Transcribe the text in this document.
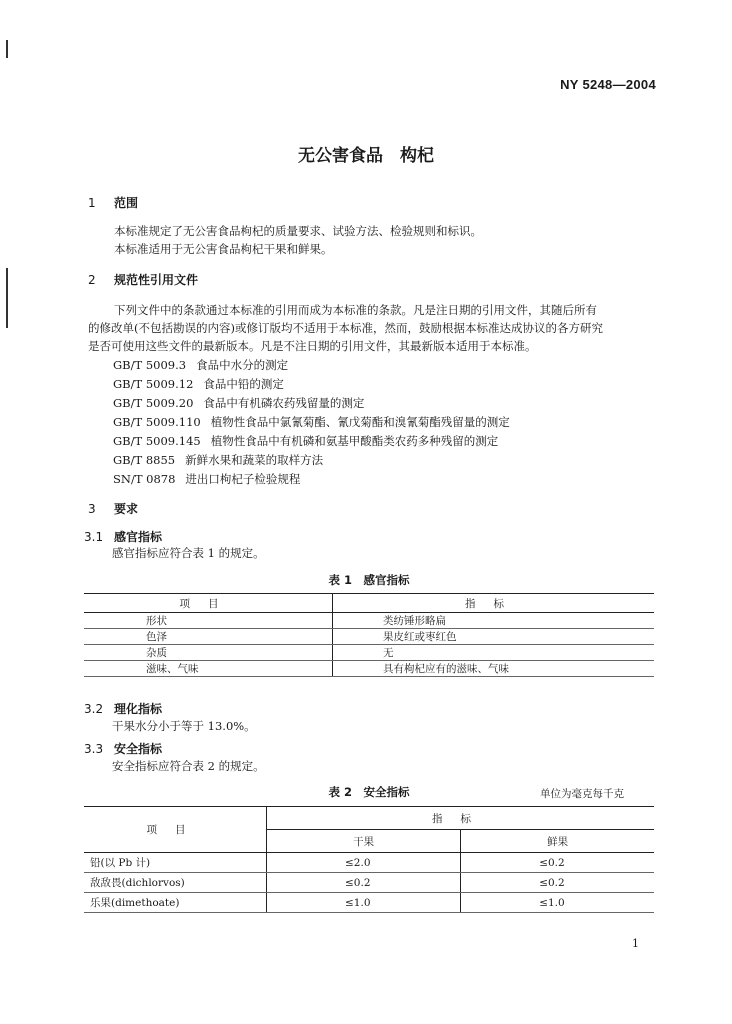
NY 5248—2004
无公害食品　构杞
1 范围
本标准规定了无公害食品枸杞的质量要求、试验方法、检验规则和标识。
本标准适用于无公害食品枸杞干果和鲜果。
2 规范性引用文件
下列文件中的条款通过本标准的引用而成为本标准的条款。凡是注日期的引用文件，其随后所有
的修改单(不包括勘误的内容)或修订版均不适用于本标准，然而，鼓励根据本标准达成协议的各方研究
是否可使用这些文件的最新版本。凡是不注日期的引用文件，其最新版本适用于本标准。
GB/T 5009.3 食品中水分的测定
GB/T 5009.12 食品中铅的测定
GB/T 5009.20 食品中有机磷农药残留量的测定
GB/T 5009.110 植物性食品中氯氰菊酯、氰戊菊酯和溴氰菊酯残留量的测定
GB/T 5009.145 植物性食品中有机磷和氨基甲酸酯类农药多种残留的测定
GB/T 8855 新鲜水果和蔬菜的取样方法
SN/T 0878 进出口枸杞子检验规程
3 要求
3.1 感官指标
感官指标应符合表 1 的规定。
表 1　感官指标
项目	指标
形状	类纺锤形略扁
色泽	果皮红或枣红色
杂质	无
滋味、气味	具有枸杞应有的滋味、气味
3.2 理化指标
干果水分小于等于 13.0%。
3.3 安全指标
安全指标应符合表 2 的规定。
表 2　安全指标	单位为毫克每千克
项目	指标	
	干果	鲜果
铅(以 Pb 计)	≤2.0	≤0.2
敌敌畏(dichlorvos)	≤0.2	≤0.2
乐果(dimethoate)	≤1.0	≤1.0
1
